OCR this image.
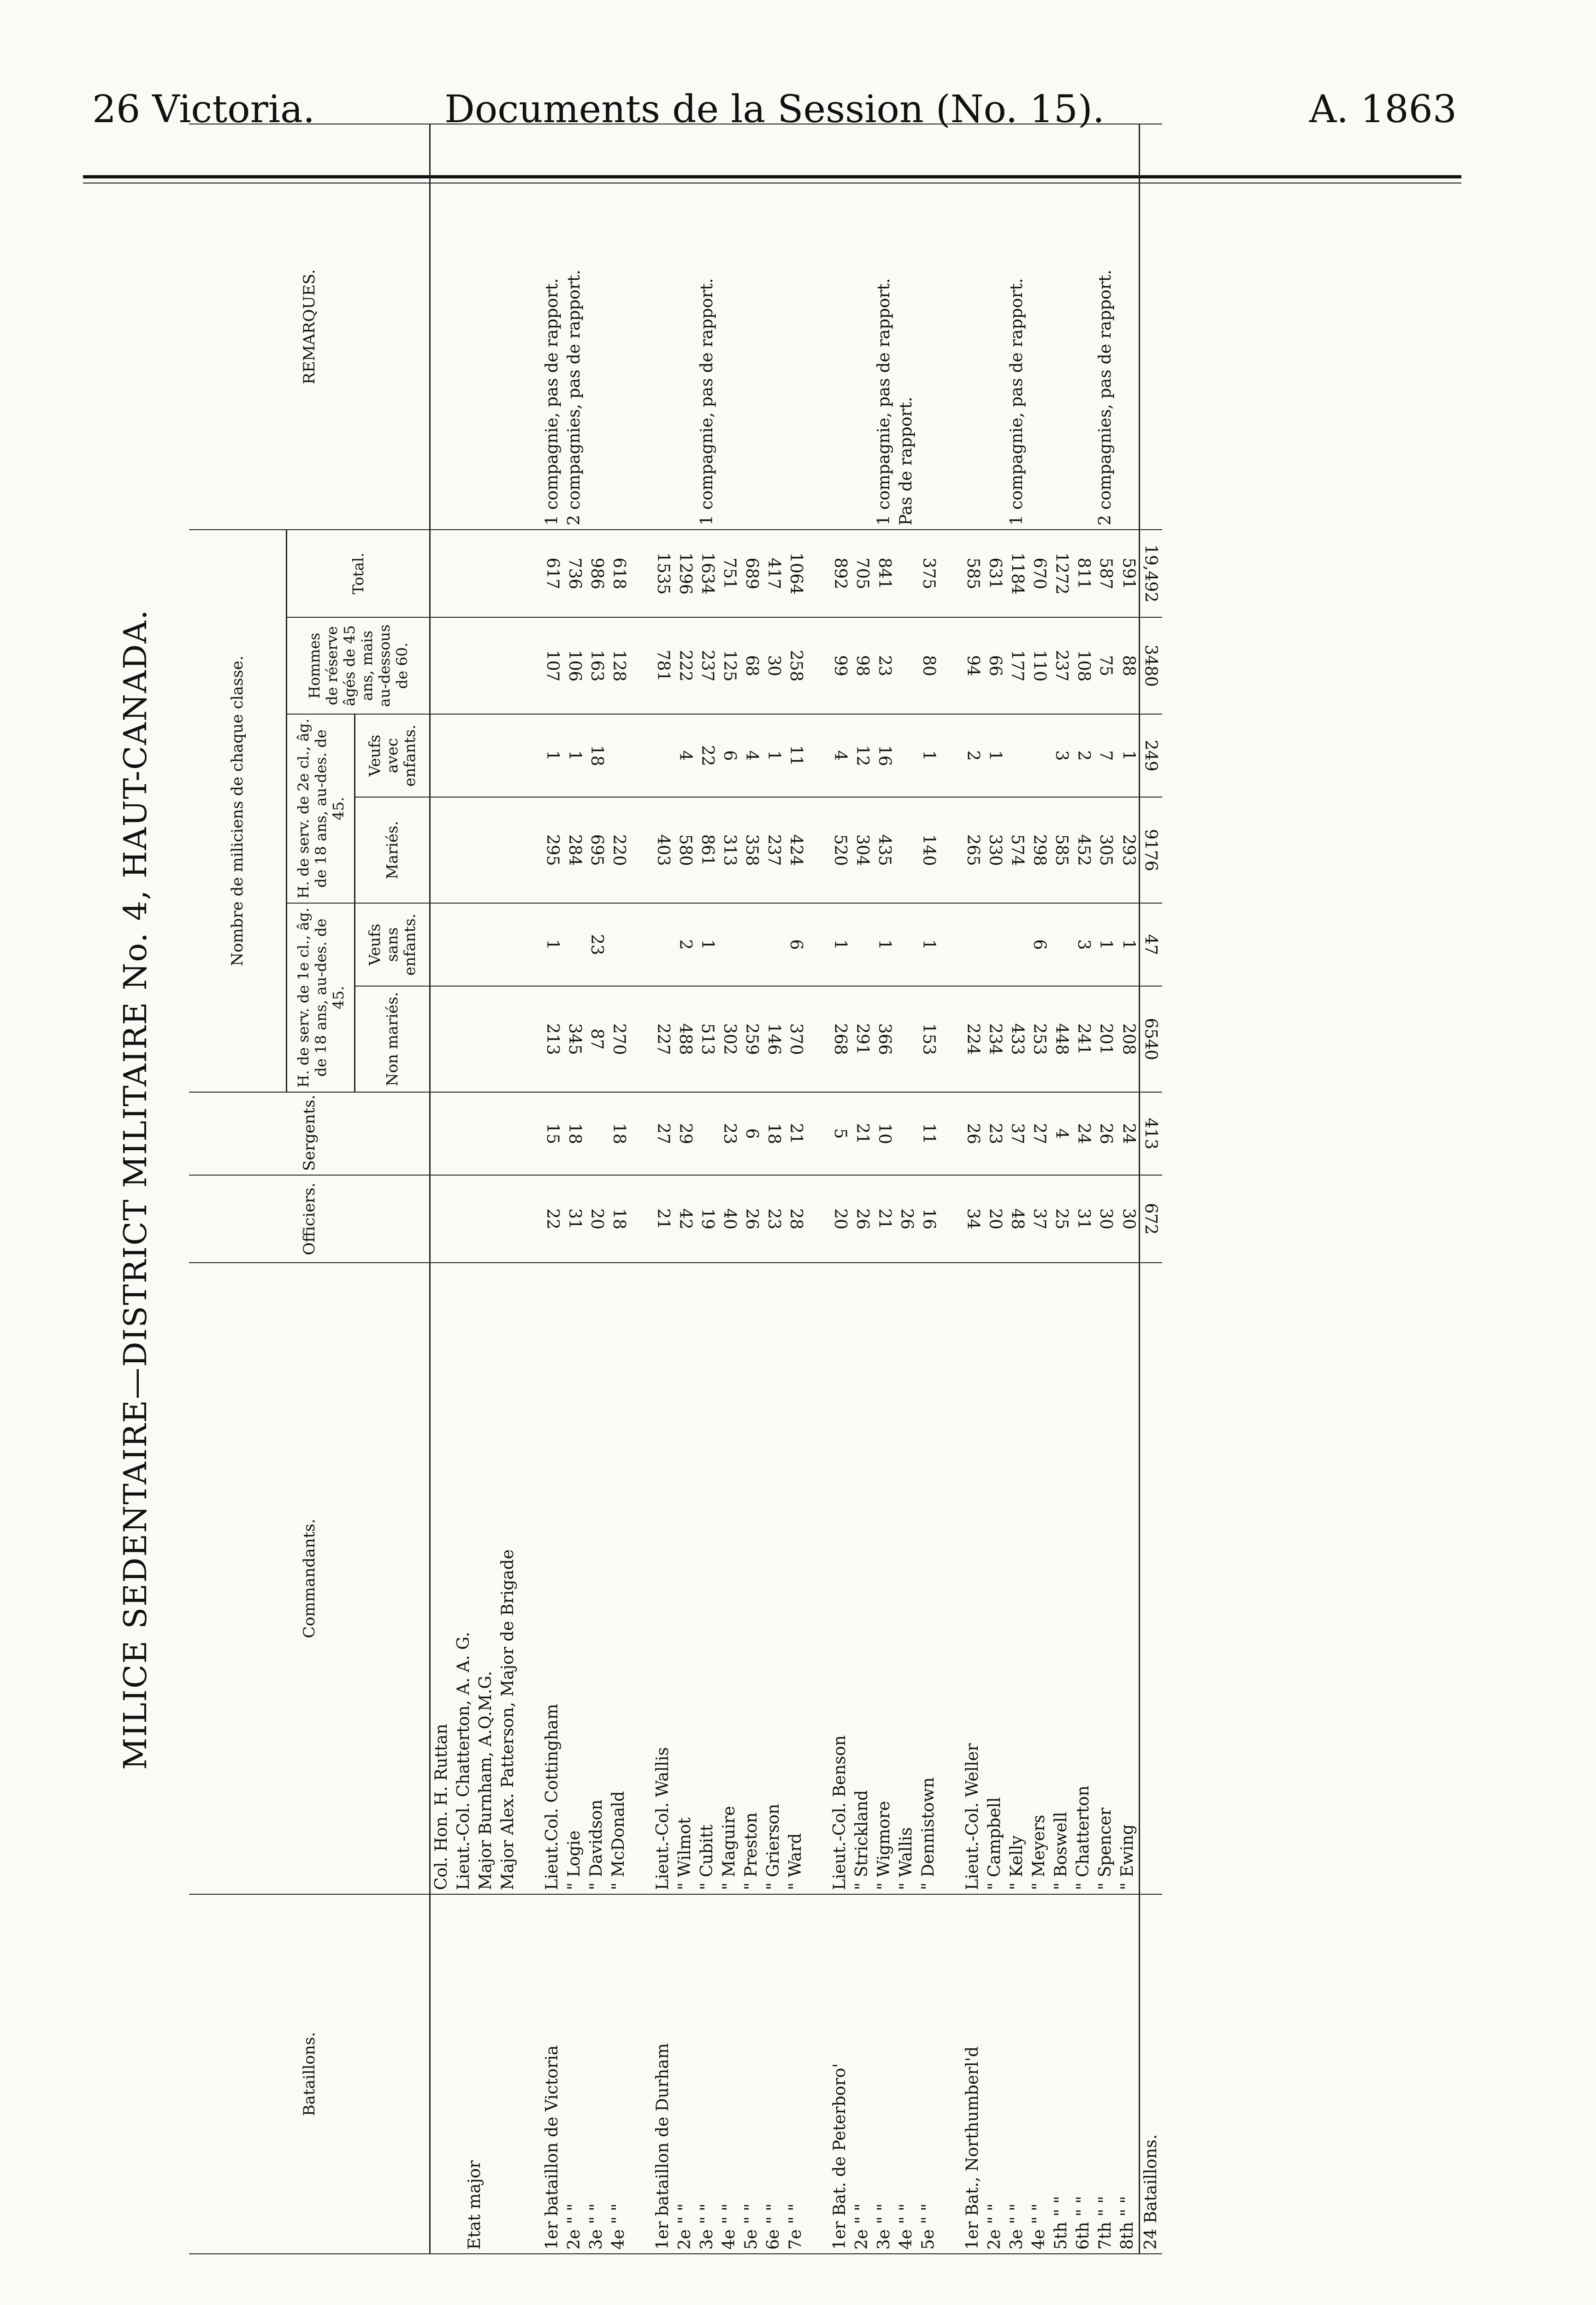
26 Victoria.	Documents de la Session (No. 15).	A. 1863
MILICE SEDENTAIRE—DISTRICT MILITAIRE No. 4, HAUT-CANADA.
Bataillons.	Commandants.	Officiers.	Sergents.	Nombre de miliciens de chaque classe.						REMARQUES.
				H. de serv. de 1e cl., âg. de 18 ans, au-des. de 45.		H. de serv. de 2e cl., âg. de 18 ans, au-des. de 45.		Hommes de réserve âgés de 45 ans, mais au-dessous de 60.	Total.	
				Non mariés.	Veufs sans enfants.	Mariés.	Veufs avec enfants.			
Etat major	Col. Hon. H. Ruttan									
	Lieut.-Col. Chatterton, A. A. G.									
	Major Burnham, A.Q.M.G.									
	Major Alex. Patterson, Major de Brigade									

1er bataillon de Victoria	Lieut.Col. Cottingham	22	15	213	1	295	1	107	617	1 compagnie, pas de rapport.
2e " "	" Logie	31	18	345		284	1	106	736	2 compagnies, pas de rapport.
3e " "	" Davidson	20		87	23	695	18	163	986	
4e " "	" McDonald	18	18	270		220		128	618	

1er bataillon de Durham	Lieut.-Col. Wallis	21	27	227		403		781	1535	
2e " "	" Wilmot	42	29	488	2	580	4	222	1296	
3e " "	" Cubitt	19		513	1	861	22	237	1634	1 compagnie, pas de rapport.
4e " "	" Maguire	40	23	302		313	6	125	751	
5e " "	" Preston	26	6	259		358	4	68	689	
6e " "	" Grierson	23	18	146		237	1	30	417	
7e " "	" Ward	28	21	370	6	424	11	258	1064	

1er Bat. de Peterboro'	Lieut.-Col. Benson	20	5	268	1	520	4	99	892	
2e " "	" Strickland	26	21	291		304	12	98	705	
3e " "	" Wigmore	21	10	366	1	435	16	23	841	1 compagnie, pas de rapport.
4e " "	" Wallis	26								Pas de rapport.
5e " "	" Dennistown	16	11	153	1	140	1	80	375	

1er Bat., Northumberl'd	Lieut.-Col. Weller	34	26	224		265	2	94	585	
2e " "	" Campbell	20	23	234		330	1	66	631	
3e " "	" Kelly	48	37	433		574		177	1184	1 compagnie, pas de rapport.
4e " "	" Meyers	37	27	253	6	298		110	670	
5th " "	" Boswell	25	4	448		585	3	237	1272	
6th " "	" Chatterton	31	24	241	3	452	2	108	811	
7th " "	" Spencer	30	26	201	1	305	7	75	587	2 compagnies, pas de rapport.
8th " "	" Ewing	30	24	208	1	293	1	88	591	
24 Bataillons.		672	413	6540	47	9176	249	3480	19,492	
